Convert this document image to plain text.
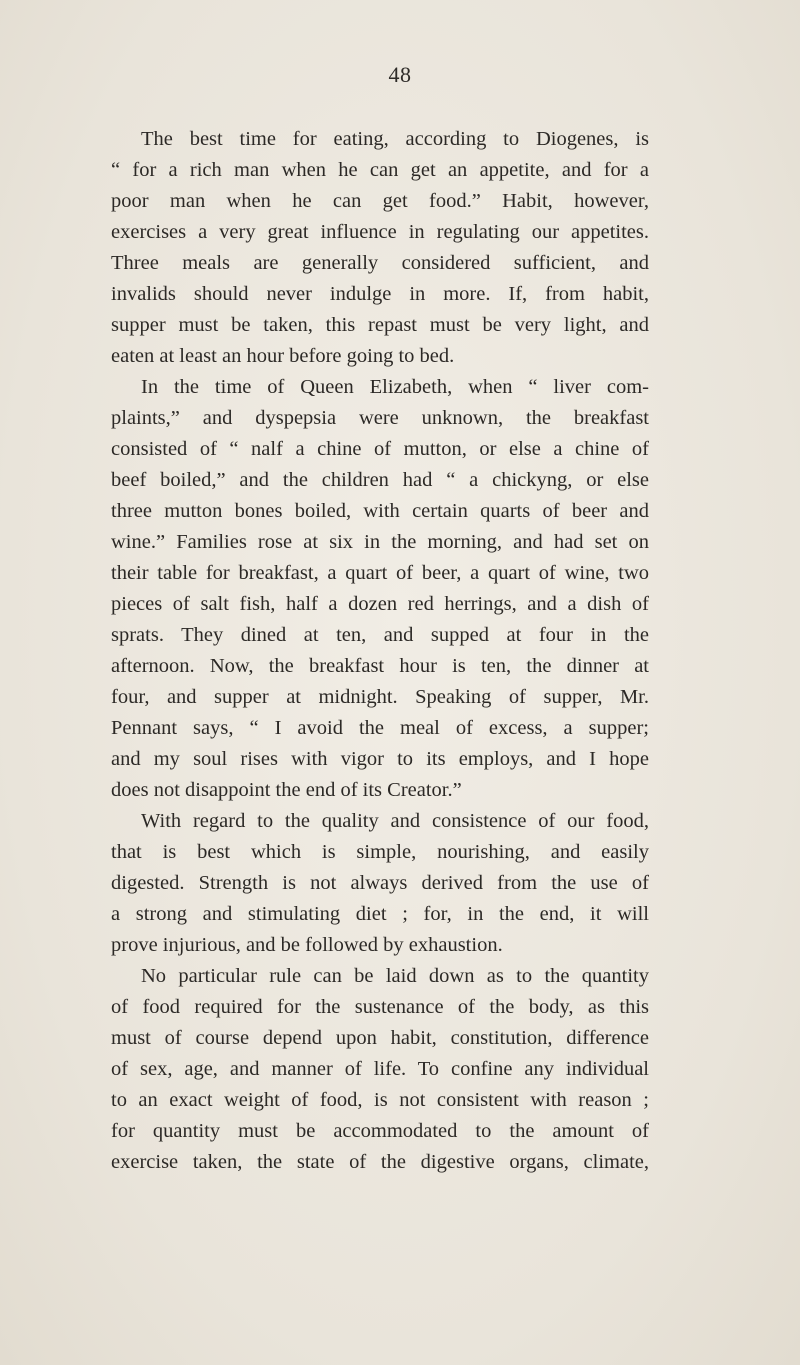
48
The best time for eating, according to Diogenes, is
“ for a rich man when he can get an appetite, and for a
poor man when he can get food.” Habit, however,
exercises a very great influence in regulating our appetites.
Three meals are generally considered sufficient, and
invalids should never indulge in more. If, from habit,
supper must be taken, this repast must be very light, and
eaten at least an hour before going to bed.
In the time of Queen Elizabeth, when “ liver com-
plaints,” and dyspepsia were unknown, the breakfast
consisted of “ nalf a chine of mutton, or else a chine of
beef boiled,” and the children had “ a chickyng, or else
three mutton bones boiled, with certain quarts of beer and
wine.” Families rose at six in the morning, and had set on
their table for breakfast, a quart of beer, a quart of wine, two
pieces of salt fish, half a dozen red herrings, and a dish of
sprats. They dined at ten, and supped at four in the
afternoon. Now, the breakfast hour is ten, the dinner at
four, and supper at midnight. Speaking of supper, Mr.
Pennant says, “ I avoid the meal of excess, a supper;
and my soul rises with vigor to its employs, and I hope
does not disappoint the end of its Creator.”
With regard to the quality and consistence of our food,
that is best which is simple, nourishing, and easily
digested. Strength is not always derived from the use of
a strong and stimulating diet ; for, in the end, it will
prove injurious, and be followed by exhaustion.
No particular rule can be laid down as to the quantity
of food required for the sustenance of the body, as this
must of course depend upon habit, constitution, difference
of sex, age, and manner of life. To confine any individual
to an exact weight of food, is not consistent with reason ;
for quantity must be accommodated to the amount of
exercise taken, the state of the digestive organs, climate,
